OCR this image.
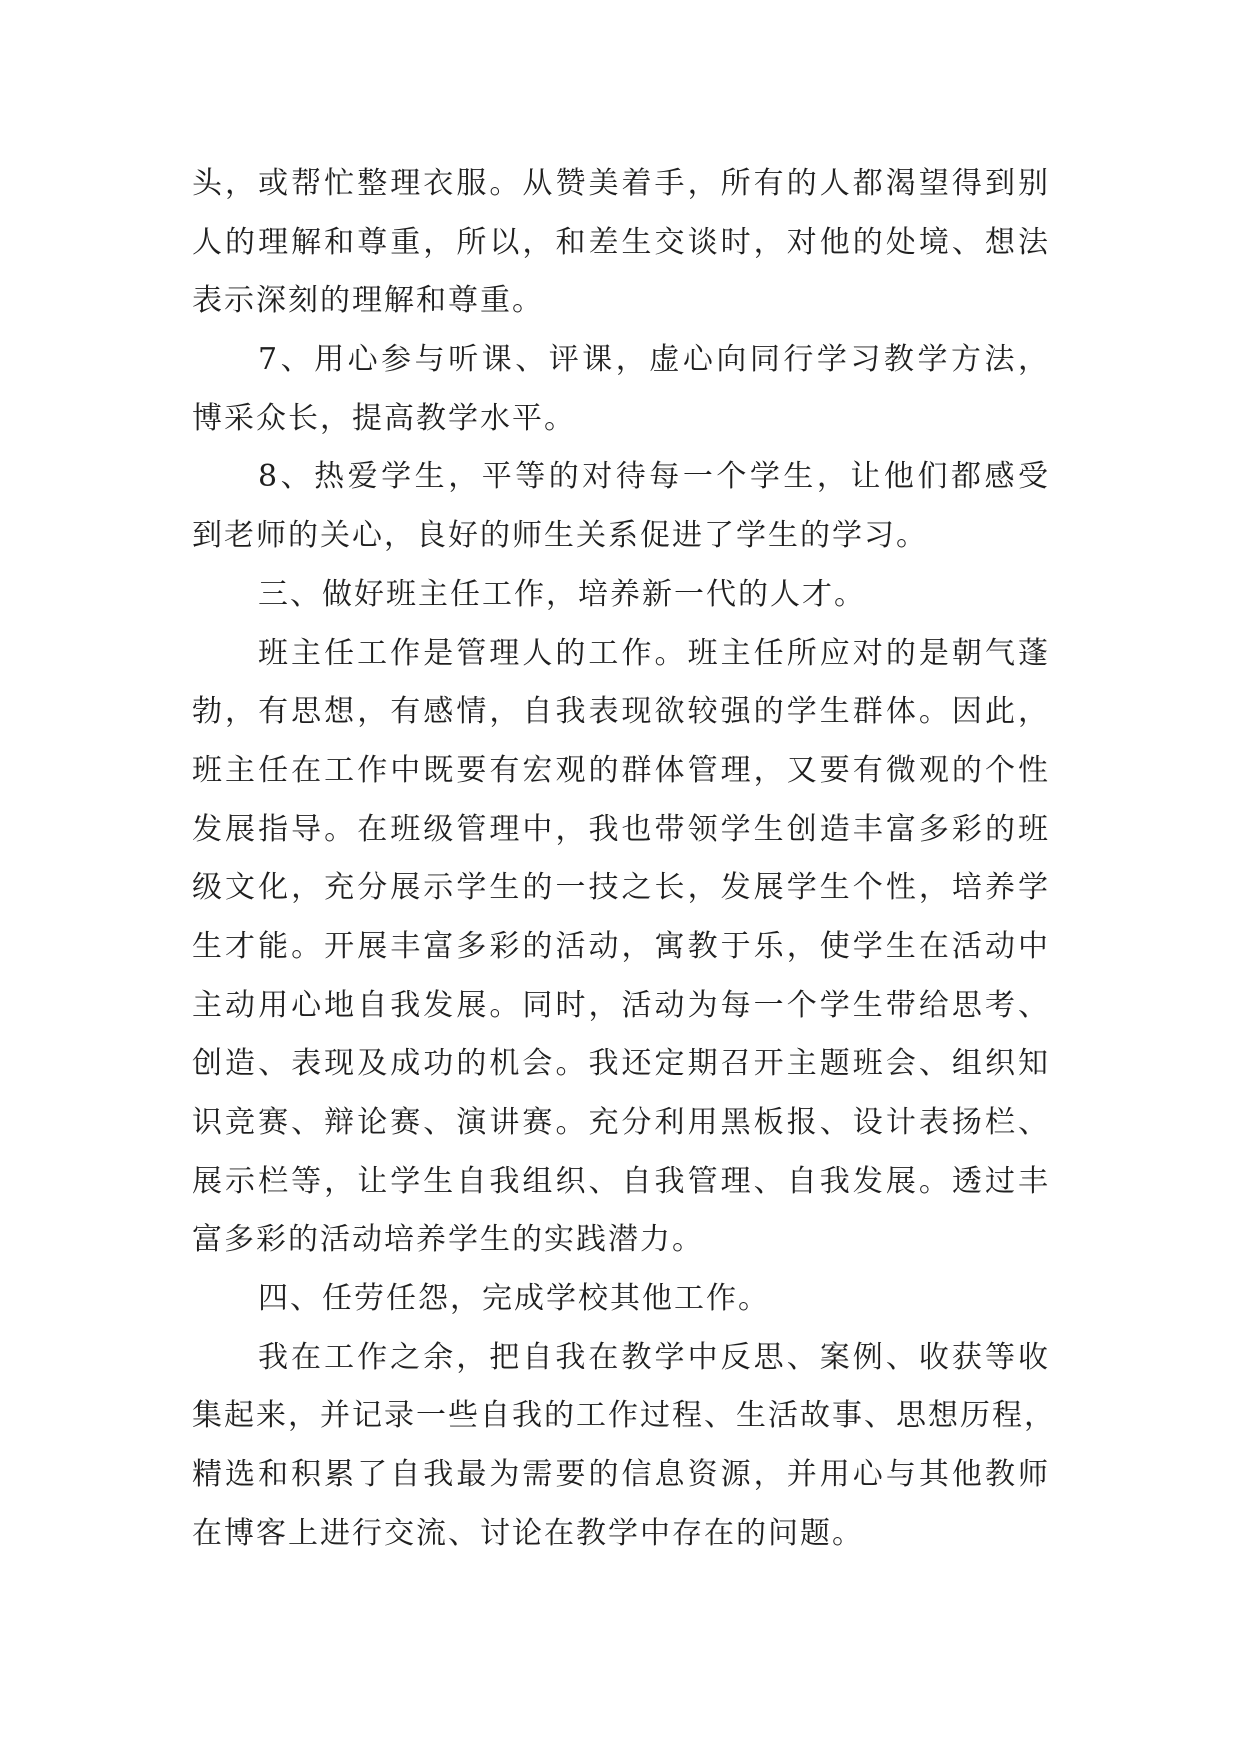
头，或帮忙整理衣服。从赞美着手，所有的人都渴望得到别
人的理解和尊重，所以，和差生交谈时，对他的处境、想法
表示深刻的理解和尊重。
7、用心参与听课、评课，虚心向同行学习教学方法，
博采众长，提高教学水平。
8、热爱学生，平等的对待每一个学生，让他们都感受
到老师的关心，良好的师生关系促进了学生的学习。
三、做好班主任工作，培养新一代的人才。
班主任工作是管理人的工作。班主任所应对的是朝气蓬
勃，有思想，有感情，自我表现欲较强的学生群体。因此，
班主任在工作中既要有宏观的群体管理，又要有微观的个性
发展指导。在班级管理中，我也带领学生创造丰富多彩的班
级文化，充分展示学生的一技之长，发展学生个性，培养学
生才能。开展丰富多彩的活动，寓教于乐，使学生在活动中
主动用心地自我发展。同时，活动为每一个学生带给思考、
创造、表现及成功的机会。我还定期召开主题班会、组织知
识竞赛、辩论赛、演讲赛。充分利用黑板报、设计表扬栏、
展示栏等，让学生自我组织、自我管理、自我发展。透过丰
富多彩的活动培养学生的实践潜力。
四、任劳任怨，完成学校其他工作。
我在工作之余，把自我在教学中反思、案例、收获等收
集起来，并记录一些自我的工作过程、生活故事、思想历程，
精选和积累了自我最为需要的信息资源，并用心与其他教师
在博客上进行交流、讨论在教学中存在的问题。
